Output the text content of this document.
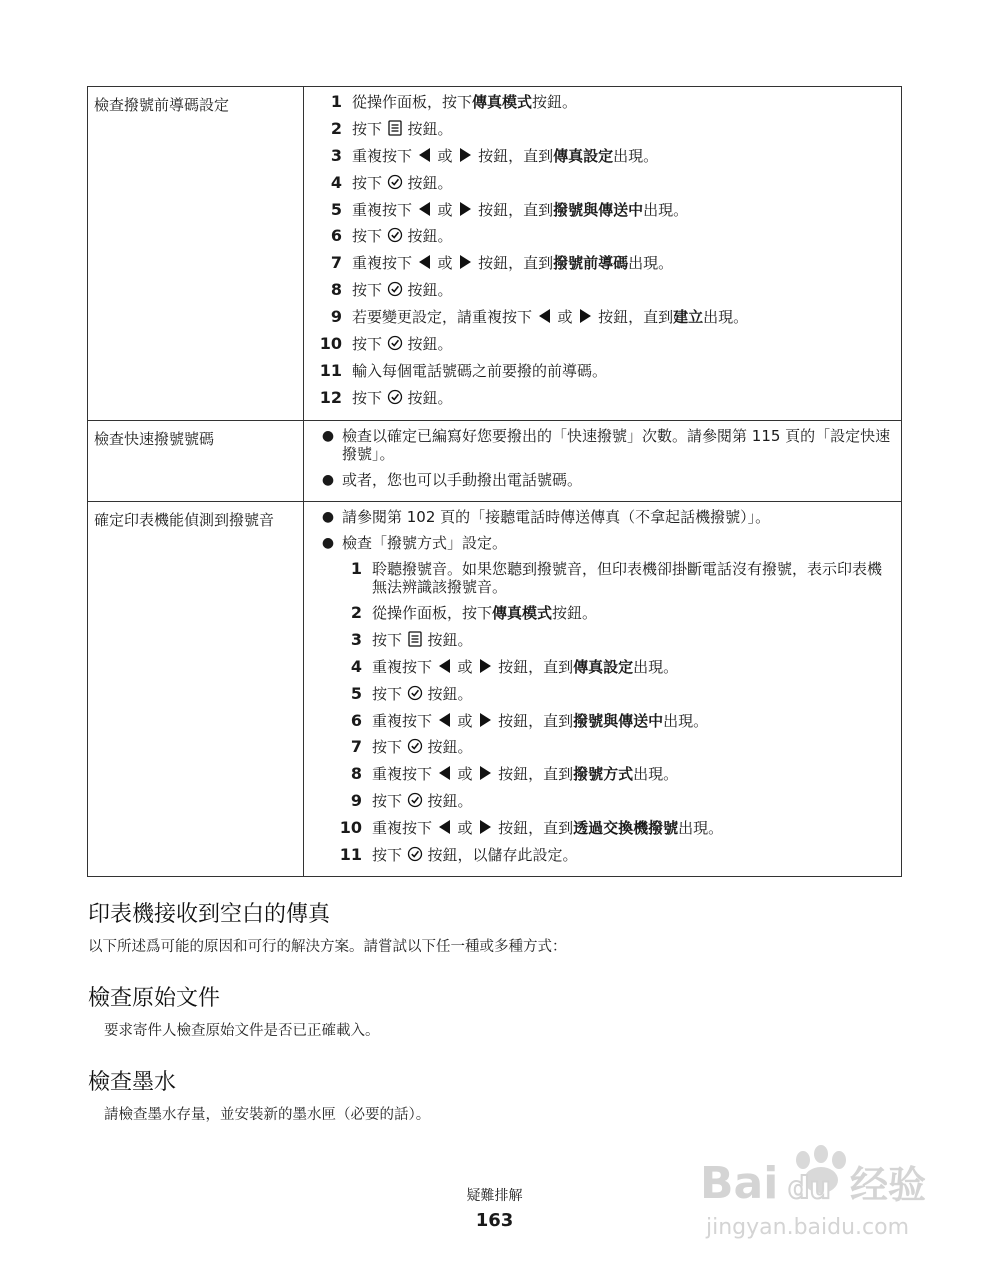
檢查撥號前導碼設定	1 從操作面板，按下傳真模式按鈕。
2 按下  按鈕。
3 重複按下  或  按鈕，直到傳真設定出現。
4 按下  按鈕。
5 重複按下  或  按鈕，直到撥號與傳送中出現。
6 按下  按鈕。
7 重複按下  或  按鈕，直到撥號前導碼出現。
8 按下  按鈕。
9 若要變更設定，請重複按下  或  按鈕，直到建立出現。
10 按下  按鈕。
11 輸入每個電話號碼之前要撥的前導碼。
12 按下  按鈕。
檢查快速撥號號碼	● 檢查以確定已編寫好您要撥出的「快速撥號」次數。請參閱第 115 頁的「設定快速撥號」。
● 或者，您也可以手動撥出電話號碼。
確定印表機能偵測到撥號音	● 請參閱第 102 頁的「接聽電話時傳送傳真（不拿起話機撥號）」。
● 檢查「撥號方式」設定。
1 聆聽撥號音。如果您聽到撥號音，但印表機卻掛斷電話沒有撥號，表示印表機無法辨識該撥號音。
2 從操作面板，按下傳真模式按鈕。
3 按下  按鈕。
4 重複按下  或  按鈕，直到傳真設定出現。
5 按下  按鈕。
6 重複按下  或  按鈕，直到撥號與傳送中出現。
7 按下  按鈕。
8 重複按下  或  按鈕，直到撥號方式出現。
9 按下  按鈕。
10 重複按下  或  按鈕，直到透過交換機撥號出現。
11 按下  按鈕，以儲存此設定。
印表機接收到空白的傳真
以下所述爲可能的原因和可行的解決方案。請嘗試以下任一種或多種方式：
檢查原始文件
要求寄件人檢查原始文件是否已正確載入。
檢查墨水
請檢查墨水存量，並安裝新的墨水匣（必要的話）。
疑難排解
163
Bai du 经验
jingyan.baidu.com
